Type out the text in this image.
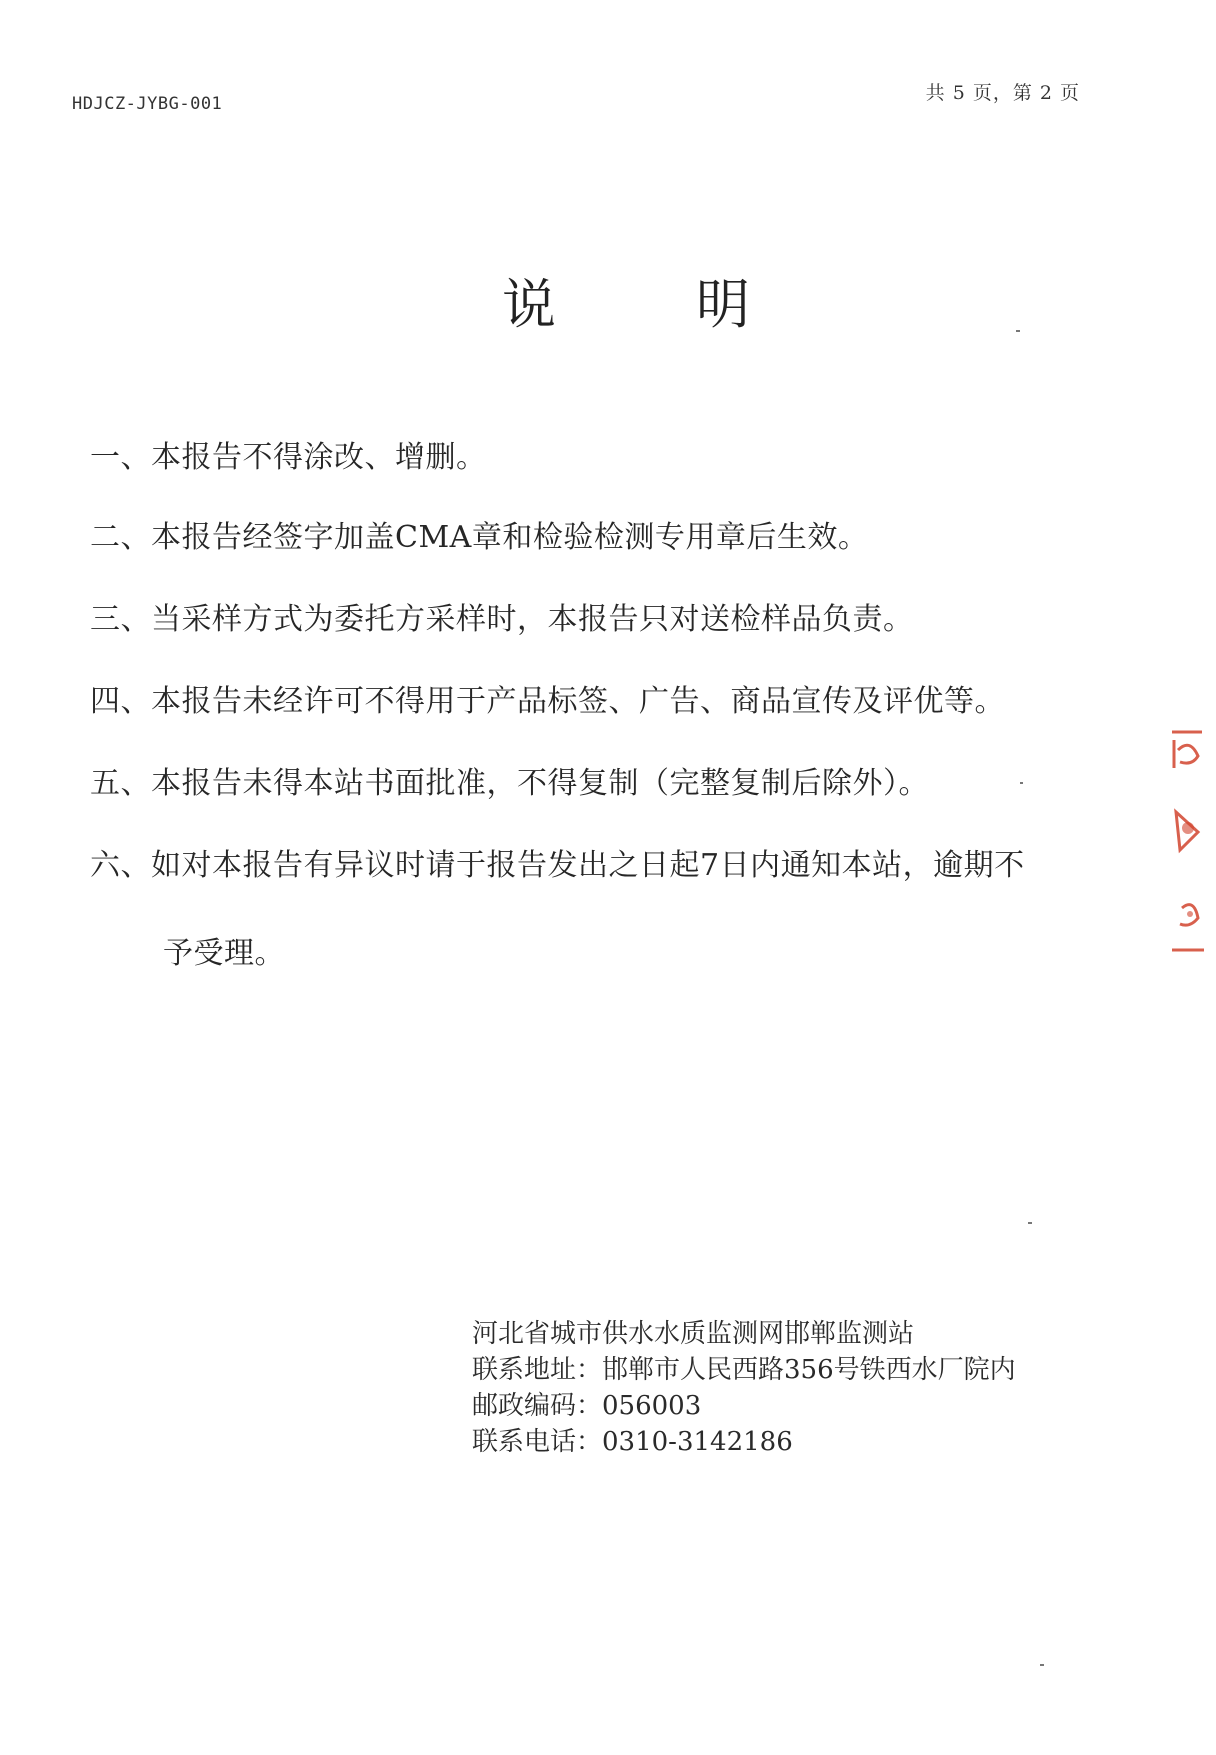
HDJCZ-JYBG-001	共 5 页，第 2 页
说	明
一、本报告不得涂改、增删。
二、本报告经签字加盖CMA章和检验检测专用章后生效。
三、当采样方式为委托方采样时，本报告只对送检样品负责。
四、本报告未经许可不得用于产品标签、广告、商品宣传及评优等。
五、本报告未得本站书面批准，不得复制（完整复制后除外）。
六、如对本报告有异议时请于报告发出之日起7日内通知本站，逾期不
予受理。
河北省城市供水水质监测网邯郸监测站
联系地址：邯郸市人民西路356号铁西水厂院内
邮政编码：056003
联系电话：0310-3142186
